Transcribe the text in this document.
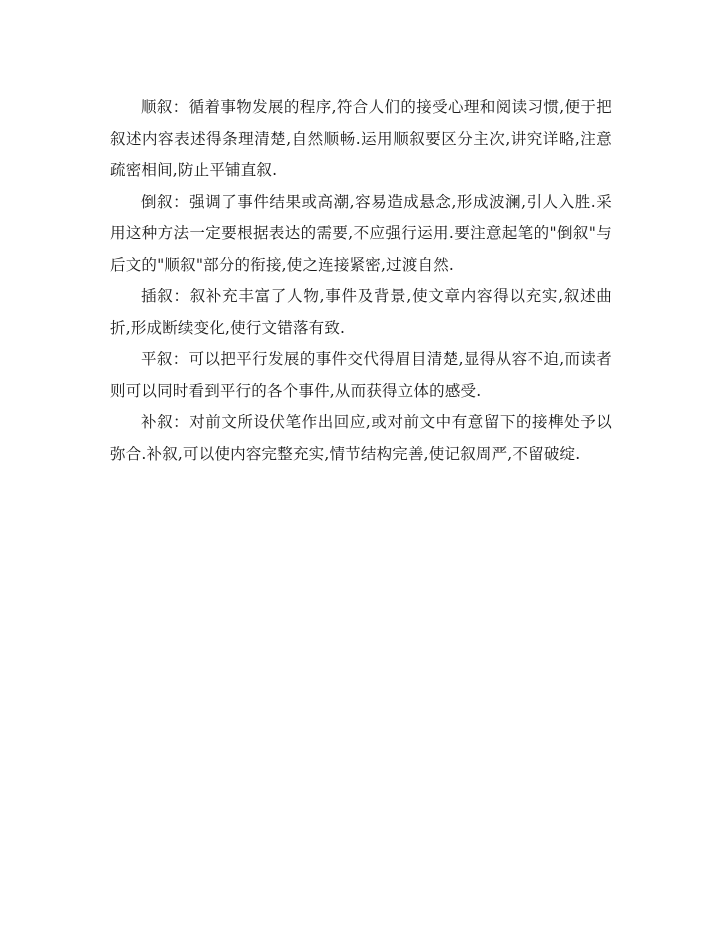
顺叙：循着事物发展的程序,符合人们的接受心理和阅读习惯,便于把叙述内容表述得条理清楚,自然顺畅.运用顺叙要区分主次,讲究详略,注意疏密相间,防止平铺直叙.

倒叙：强调了事件结果或高潮,容易造成悬念,形成波澜,引人入胜.采用这种方法一定要根据表达的需要,不应强行运用.要注意起笔的"倒叙"与后文的"顺叙"部分的衔接,使之连接紧密,过渡自然.

插叙：叙补充丰富了人物,事件及背景,使文章内容得以充实,叙述曲折,形成断续变化,使行文错落有致.

平叙：可以把平行发展的事件交代得眉目清楚,显得从容不迫,而读者则可以同时看到平行的各个事件,从而获得立体的感受.

补叙：对前文所设伏笔作出回应,或对前文中有意留下的接榫处予以弥合.补叙,可以使内容完整充实,情节结构完善,使记叙周严,不留破绽.
